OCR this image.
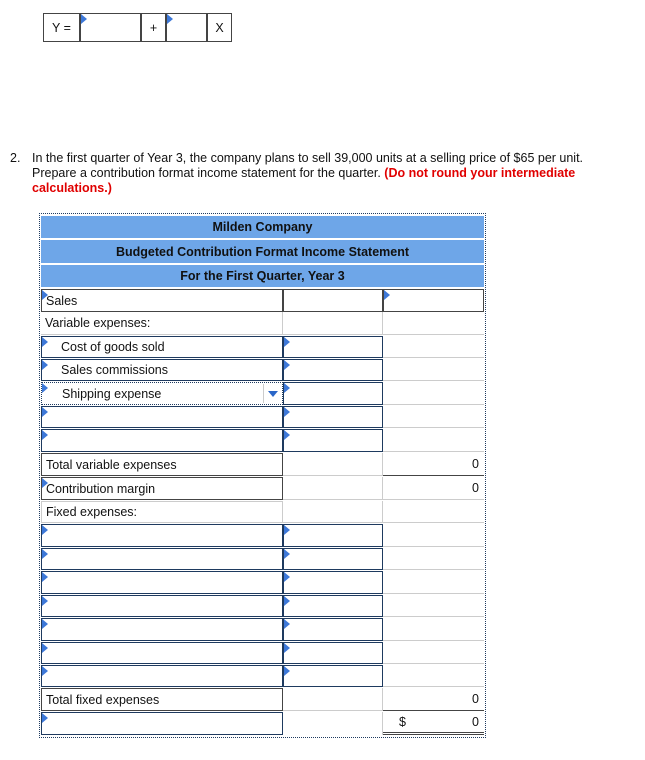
Y =	+	X
2. In the first quarter of Year 3, the company plans to sell 39,000 units at a selling price of $65 per unit.
Prepare a contribution format income statement for the quarter. (Do not round your intermediate
calculations.)
Milden Company
Budgeted Contribution Format Income Statement
For the First Quarter, Year 3
Sales
Variable expenses:
Cost of goods sold
Sales commissions
Shipping expense
Total variable expenses	0
Contribution margin	0
Fixed expenses:
Total fixed expenses	0
$	0
